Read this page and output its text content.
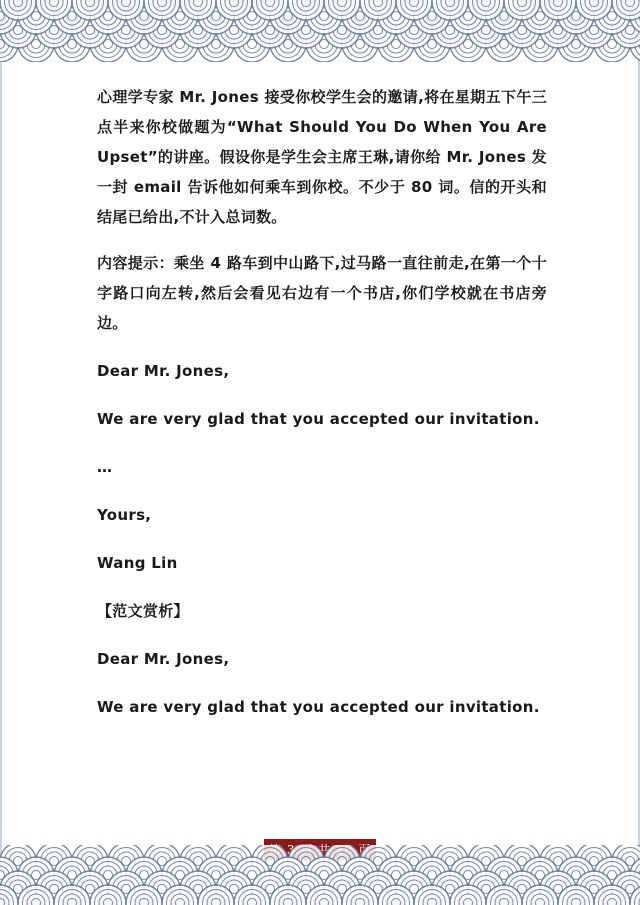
心理学专家 Mr. Jones 接受你校学生会的邀请,将在星期五下午三点半来你校做题为“What Should You Do When You Are Upset”的讲座。假设你是学生会主席王琳,请你给 Mr. Jones 发一封 email 告诉他如何乘车到你校。不少于 80 词。信的开头和结尾已给出,不计入总词数。

内容提示：乘坐 4 路车到中山路下,过马路一直往前走,在第一个十字路口向左转,然后会看见右边有一个书店,你们学校就在书店旁边。

Dear Mr. Jones,

We are very glad that you accepted our invitation.

…

Yours,

Wang Lin

【范文赏析】

Dear Mr. Jones,

We are very glad that you accepted our invitation.

共
